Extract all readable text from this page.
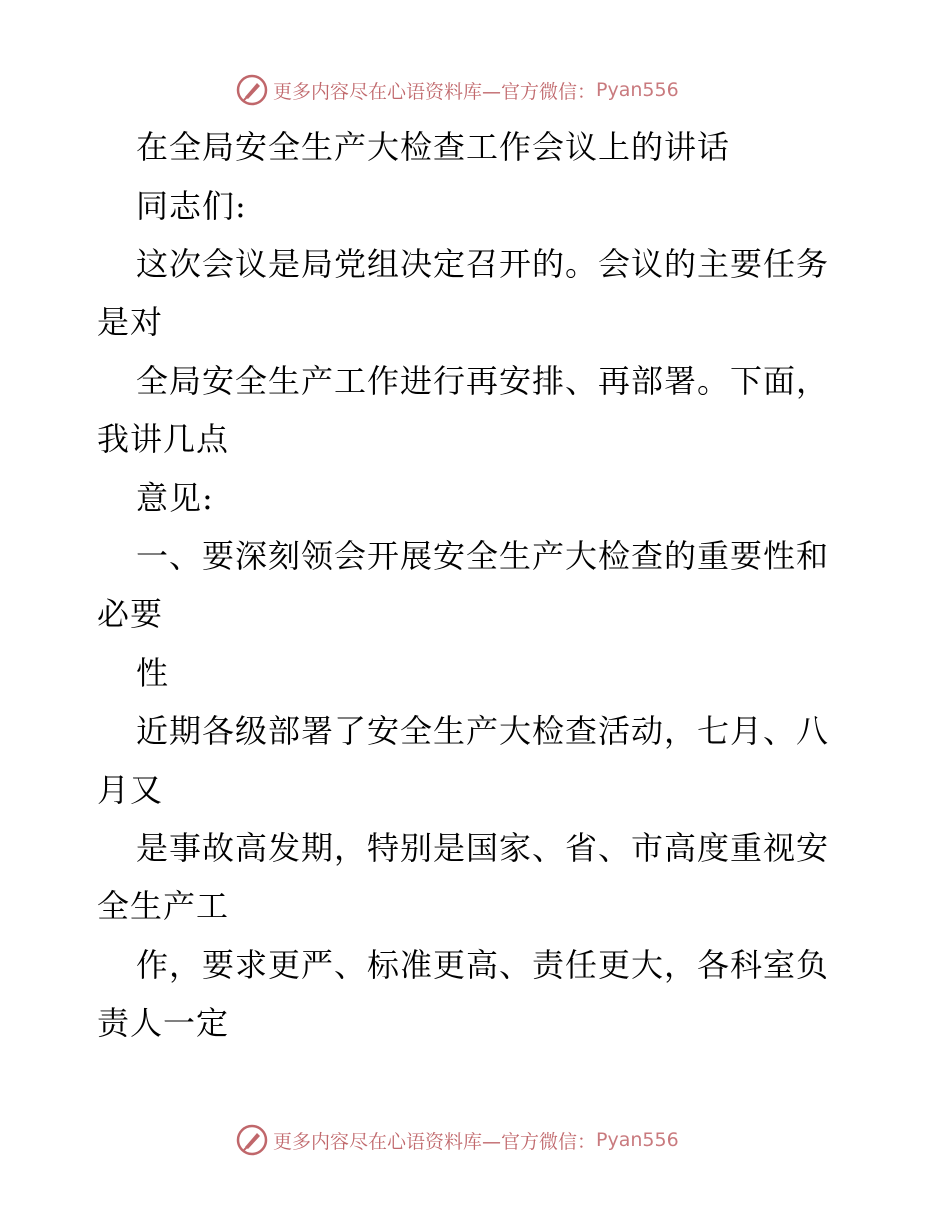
更多内容尽在心语资料库—官方微信： Pyan556
在全局安全生产大检查工作会议上的讲话
同志们:
这次会议是局党组决定召开的。会议的主要任务
是对
全局安全生产工作进行再安排、再部署。下面，
我讲几点
意见:
一、要深刻领会开展安全生产大检查的重要性和
必要
性
近期各级部署了安全生产大检查活动，七月、八
月又
是事故高发期，特别是国家、省、市高度重视安
全生产工
作，要求更严、标准更高、责任更大，各科室负
责人一定
更多内容尽在心语资料库—官方微信： Pyan556
